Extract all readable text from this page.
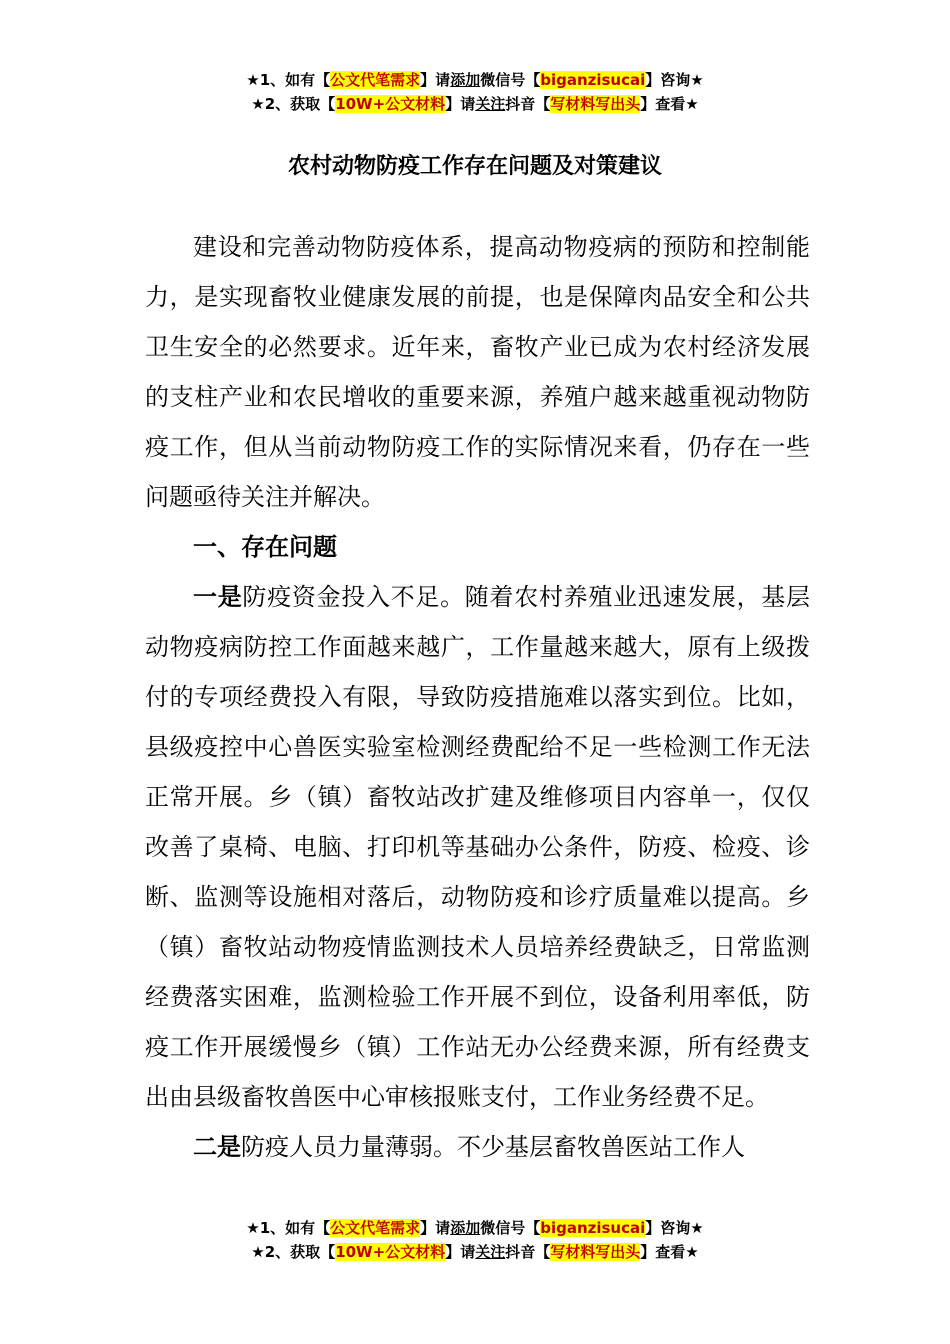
★1、如有【公文代笔需求】请添加微信号【biganzisucai】咨询★
★2、获取【10W+公文材料】请关注抖音【写材料写出头】查看★
农村动物防疫工作存在问题及对策建议

建设和完善动物防疫体系，提高动物疫病的预防和控制能力，是实现畜牧业健康发展的前提，也是保障肉品安全和公共卫生安全的必然要求。近年来，畜牧产业已成为农村经济发展的支柱产业和农民增收的重要来源，养殖户越来越重视动物防疫工作，但从当前动物防疫工作的实际情况来看，仍存在一些问题亟待关注并解决。

一、存在问题

一是防疫资金投入不足。随着农村养殖业迅速发展，基层动物疫病防控工作面越来越广，工作量越来越大，原有上级拨付的专项经费投入有限，导致防疫措施难以落实到位。比如，县级疫控中心兽医实验室检测经费配给不足一些检测工作无法正常开展。乡（镇）畜牧站改扩建及维修项目内容单一，仅仅改善了桌椅、电脑、打印机等基础办公条件，防疫、检疫、诊断、监测等设施相对落后，动物防疫和诊疗质量难以提高。乡（镇）畜牧站动物疫情监测技术人员培养经费缺乏，日常监测经费落实困难，监测检验工作开展不到位，设备利用率低，防疫工作开展缓慢乡（镇）工作站无办公经费来源，所有经费支出由县级畜牧兽医中心审核报账支付，工作业务经费不足。

二是防疫人员力量薄弱。不少基层畜牧兽医站工作人

★1、如有【公文代笔需求】请添加微信号【biganzisucai】咨询★
★2、获取【10W+公文材料】请关注抖音【写材料写出头】查看★
